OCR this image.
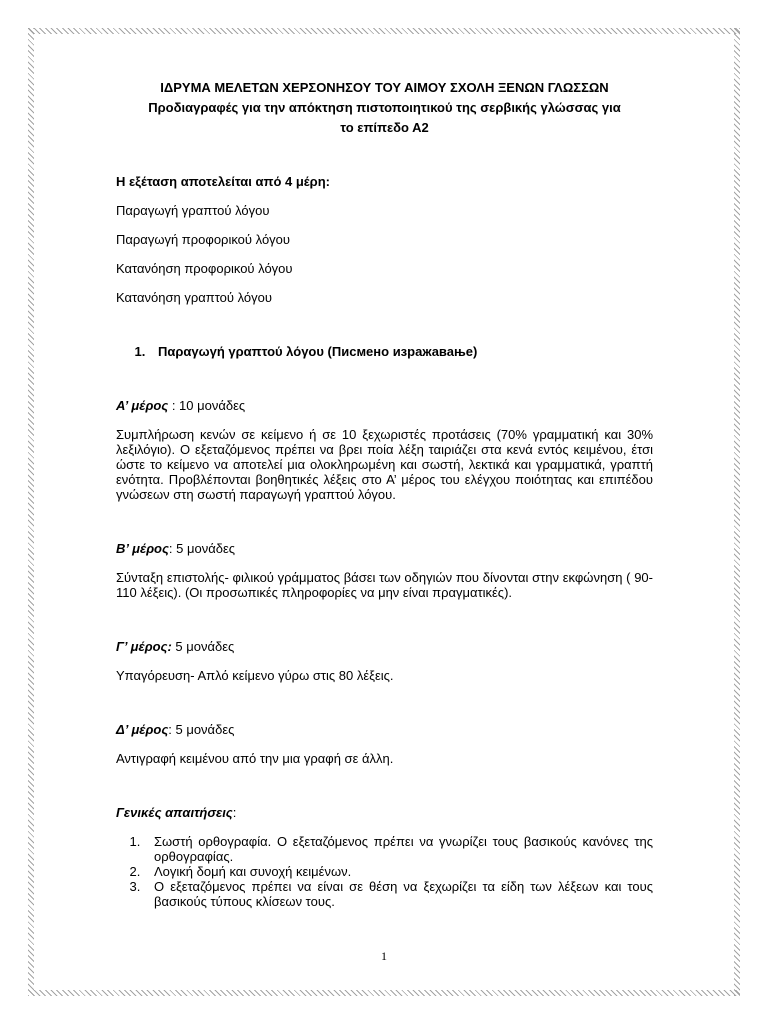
ΙΔΡΥΜΑ ΜΕΛΕΤΩΝ ΧΕΡΣΟΝΗΣΟΥ ΤΟΥ ΑΙΜΟΥ ΣΧΟΛΗ ΞΕΝΩΝ ΓΛΩΣΣΩΝ
Προδιαγραφές για την απόκτηση πιστοποιητικού της σερβικής γλώσσας για
το επίπεδο Α2

Η εξέταση αποτελείται από 4 μέρη:

Παραγωγή γραπτού λόγου

Παραγωγή προφορικού λόγου

Κατανόηση προφορικού λόγου

Κατανόηση γραπτού λόγου

1. Παραγωγή γραπτού λόγου (Писмено изражавање)

Α’ μέρος : 10 μονάδες

Συμπλήρωση κενών σε κείμενο ή σε 10 ξεχωριστές προτάσεις (70% γραμματική και 30% λεξιλόγιο). Ο εξεταζόμενος πρέπει να βρει ποία λέξη ταιριάζει στα κενά εντός κειμένου, έτσι ώστε το κείμενο να αποτελεί μια ολοκληρωμένη και σωστή, λεκτικά και γραμματικά, γραπτή ενότητα. Προβλέπονται βοηθητικές λέξεις στο Α’ μέρος του ελέγχου ποιότητας και επιπέδου γνώσεων στη σωστή παραγωγή γραπτού λόγου.

Β’ μέρος: 5 μονάδες

Σύνταξη επιστολής- φιλικού γράμματος βάσει των οδηγιών που δίνονται στην εκφώνηση ( 90-110 λέξεις). (Οι προσωπικές πληροφορίες να μην είναι πραγματικές).

Γ’ μέρος: 5 μονάδες

Υπαγόρευση- Απλό κείμενο γύρω στις 80 λέξεις.

Δ’ μέρος: 5 μονάδες

Αντιγραφή κειμένου από την μια γραφή σε άλλη.

Γενικές απαιτήσεις:

1. Σωστή ορθογραφία. Ο εξεταζόμενος πρέπει να γνωρίζει τους βασικούς κανόνες της ορθογραφίας.
2. Λογική δομή και συνοχή κειμένων.
3. Ο εξεταζόμενος πρέπει να είναι σε θέση να ξεχωρίζει τα είδη των λέξεων και τους βασικούς τύπους κλίσεων τους.
1
